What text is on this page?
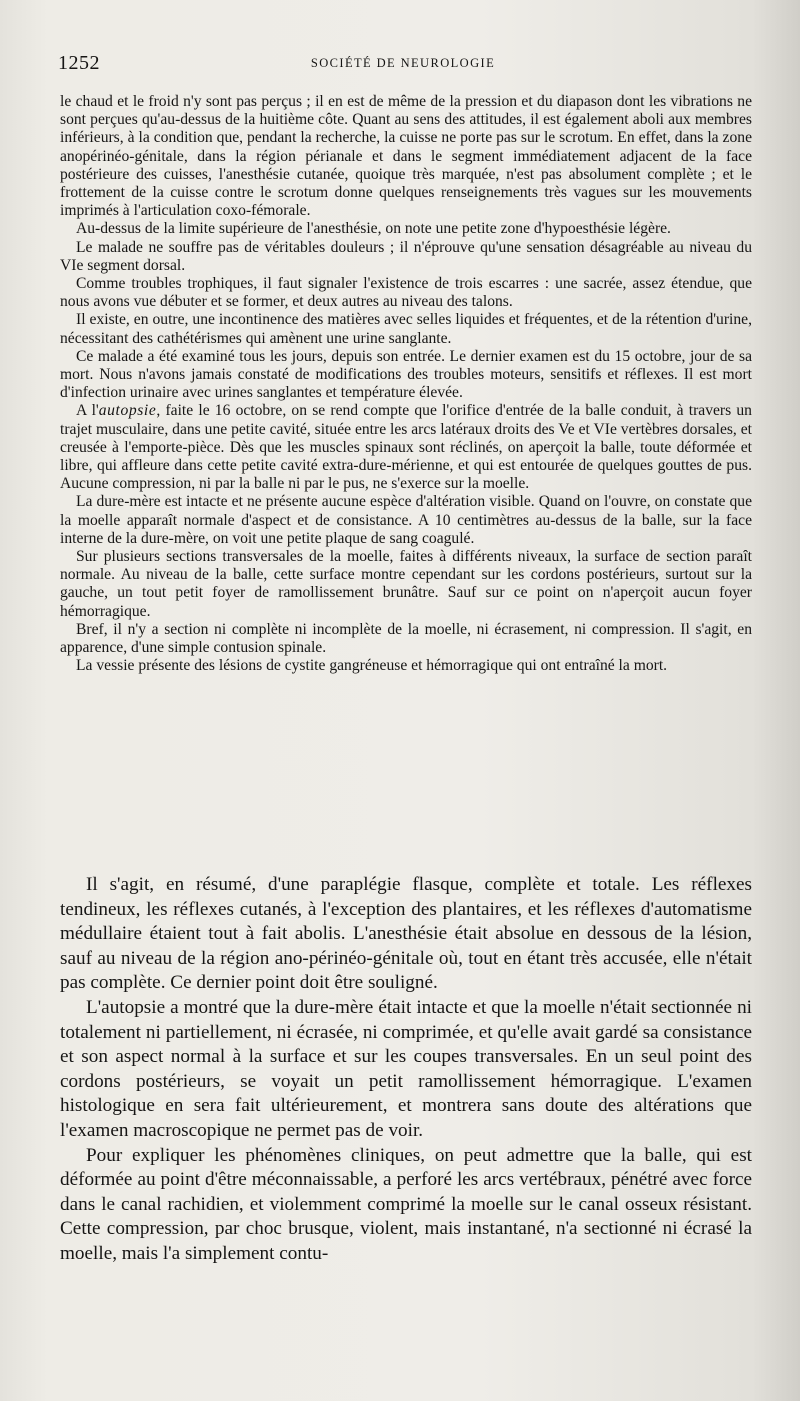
1252	SOCIÉTÉ DE NEUROLOGIE

le chaud et le froid n'y sont pas perçus ; il en est de même de la pression et du diapason dont les vibrations ne sont perçues qu'au-dessus de la huitième côte. Quant au sens des attitudes, il est également aboli aux membres inférieurs, à la condition que, pendant la recherche, la cuisse ne porte pas sur le scrotum. En effet, dans la zone anopérinéo-génitale, dans la région périanale et dans le segment immédiatement adjacent de la face postérieure des cuisses, l'anesthésie cutanée, quoique très marquée, n'est pas absolument complète ; et le frottement de la cuisse contre le scrotum donne quelques renseignements très vagues sur les mouvements imprimés à l'articulation coxo-fémorale.

Au-dessus de la limite supérieure de l'anesthésie, on note une petite zone d'hypoesthésie légère.

Le malade ne souffre pas de véritables douleurs ; il n'éprouve qu'une sensation désagréable au niveau du VIe segment dorsal.

Comme troubles trophiques, il faut signaler l'existence de trois escarres : une sacrée, assez étendue, que nous avons vue débuter et se former, et deux autres au niveau des talons.

Il existe, en outre, une incontinence des matières avec selles liquides et fréquentes, et de la rétention d'urine, nécessitant des cathétérismes qui amènent une urine sanglante.

Ce malade a été examiné tous les jours, depuis son entrée. Le dernier examen est du 15 octobre, jour de sa mort. Nous n'avons jamais constaté de modifications des troubles moteurs, sensitifs et réflexes. Il est mort d'infection urinaire avec urines sanglantes et température élevée.

A l'autopsie, faite le 16 octobre, on se rend compte que l'orifice d'entrée de la balle conduit, à travers un trajet musculaire, dans une petite cavité, située entre les arcs latéraux droits des Ve et VIe vertèbres dorsales, et creusée à l'emporte-pièce. Dès que les muscles spinaux sont réclinés, on aperçoit la balle, toute déformée et libre, qui affleure dans cette petite cavité extra-dure-mérienne, et qui est entourée de quelques gouttes de pus. Aucune compression, ni par la balle ni par le pus, ne s'exerce sur la moelle.

La dure-mère est intacte et ne présente aucune espèce d'altération visible. Quand on l'ouvre, on constate que la moelle apparaît normale d'aspect et de consistance. A 10 centimètres au-dessus de la balle, sur la face interne de la dure-mère, on voit une petite plaque de sang coagulé.

Sur plusieurs sections transversales de la moelle, faites à différents niveaux, la surface de section paraît normale. Au niveau de la balle, cette surface montre cependant sur les cordons postérieurs, surtout sur la gauche, un tout petit foyer de ramollissement brunâtre. Sauf sur ce point on n'aperçoit aucun foyer hémorragique.

Bref, il n'y a section ni complète ni incomplète de la moelle, ni écrasement, ni compression. Il s'agit, en apparence, d'une simple contusion spinale.

La vessie présente des lésions de cystite gangréneuse et hémorragique qui ont entraîné la mort.

Il s'agit, en résumé, d'une paraplégie flasque, complète et totale. Les réflexes tendineux, les réflexes cutanés, à l'exception des plantaires, et les réflexes d'automatisme médullaire étaient tout à fait abolis. L'anesthésie était absolue en dessous de la lésion, sauf au niveau de la région ano-périnéo-génitale où, tout en étant très accusée, elle n'était pas complète. Ce dernier point doit être souligné.

L'autopsie a montré que la dure-mère était intacte et que la moelle n'était sectionnée ni totalement ni partiellement, ni écrasée, ni comprimée, et qu'elle avait gardé sa consistance et son aspect normal à la surface et sur les coupes transversales. En un seul point des cordons postérieurs, se voyait un petit ramollissement hémorragique. L'examen histologique en sera fait ultérieurement, et montrera sans doute des altérations que l'examen macroscopique ne permet pas de voir.

Pour expliquer les phénomènes cliniques, on peut admettre que la balle, qui est déformée au point d'être méconnaissable, a perforé les arcs vertébraux, pénétré avec force dans le canal rachidien, et violemment comprimé la moelle sur le canal osseux résistant. Cette compression, par choc brusque, violent, mais instantané, n'a sectionné ni écrasé la moelle, mais l'a simplement contu-
